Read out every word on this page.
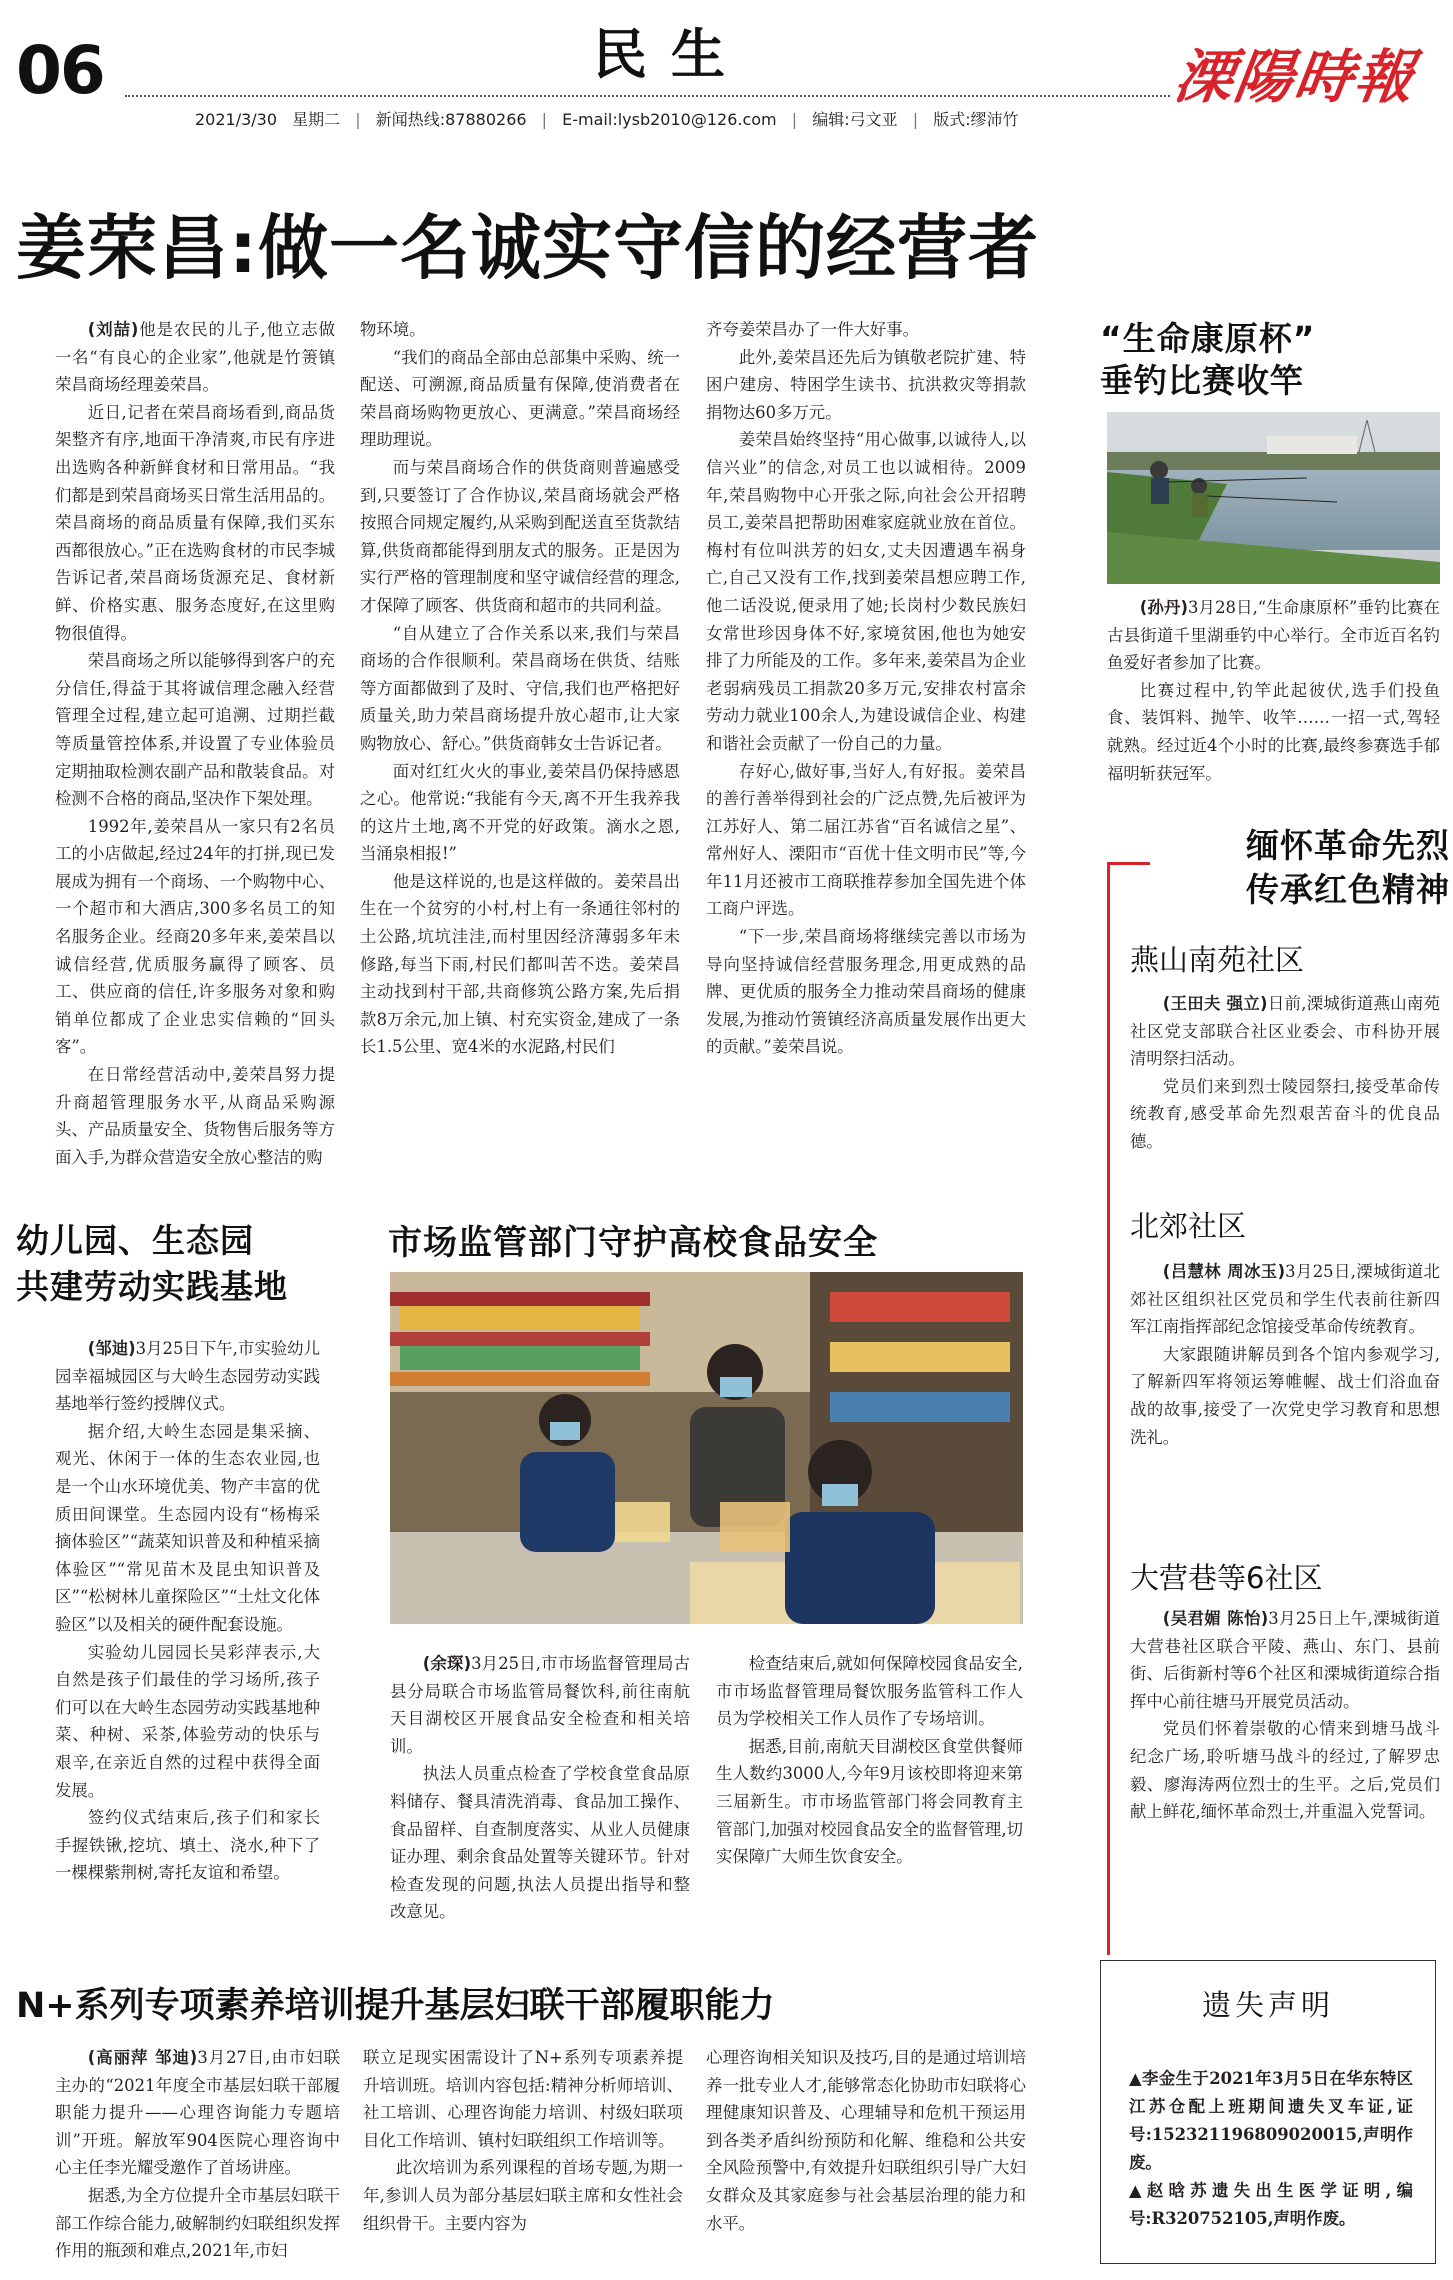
06	民生
2021/3/30 星期二 | 新闻热线:87880266 | E-mail:lysb2010@126.com | 编辑:弓文亚 | 版式:缪沛竹
溧陽時報
姜荣昌:做一名诚实守信的经营者

(刘喆)他是农民的儿子,他立志做一名“有良心的企业家”,他就是竹箦镇荣昌商场经理姜荣昌。

近日,记者在荣昌商场看到,商品货架整齐有序,地面干净清爽,市民有序进出选购各种新鲜食材和日常用品。“我们都是到荣昌商场买日常生活用品的。荣昌商场的商品质量有保障,我们买东西都很放心。”正在选购食材的市民李城告诉记者,荣昌商场货源充足、食材新鲜、价格实惠、服务态度好,在这里购物很值得。

荣昌商场之所以能够得到客户的充分信任,得益于其将诚信理念融入经营管理全过程,建立起可追溯、过期拦截等质量管控体系,并设置了专业体验员定期抽取检测农副产品和散装食品。对检测不合格的商品,坚决作下架处理。

1992年,姜荣昌从一家只有2名员工的小店做起,经过24年的打拼,现已发展成为拥有一个商场、一个购物中心、一个超市和大酒店,300多名员工的知名服务企业。经商20多年来,姜荣昌以诚信经营,优质服务赢得了顾客、员工、供应商的信任,许多服务对象和购销单位都成了企业忠实信赖的“回头客”。

在日常经营活动中,姜荣昌努力提升商超管理服务水平,从商品采购源头、产品质量安全、货物售后服务等方面入手,为群众营造安全放心整洁的购

物环境。

“我们的商品全部由总部集中采购、统一配送、可溯源,商品质量有保障,使消费者在荣昌商场购物更放心、更满意。”荣昌商场经理助理说。

而与荣昌商场合作的供货商则普遍感受到,只要签订了合作协议,荣昌商场就会严格按照合同规定履约,从采购到配送直至货款结算,供货商都能得到朋友式的服务。正是因为实行严格的管理制度和坚守诚信经营的理念,才保障了顾客、供货商和超市的共同利益。

“自从建立了合作关系以来,我们与荣昌商场的合作很顺利。荣昌商场在供货、结账等方面都做到了及时、守信,我们也严格把好质量关,助力荣昌商场提升放心超市,让大家购物放心、舒心。”供货商韩女士告诉记者。

面对红红火火的事业,姜荣昌仍保持感恩之心。他常说:“我能有今天,离不开生我养我的这片土地,离不开党的好政策。滴水之恩,当涌泉相报!”

他是这样说的,也是这样做的。姜荣昌出生在一个贫穷的小村,村上有一条通往邻村的土公路,坑坑洼洼,而村里因经济薄弱多年未修路,每当下雨,村民们都叫苦不迭。姜荣昌主动找到村干部,共商修筑公路方案,先后捐款8万余元,加上镇、村充实资金,建成了一条长1.5公里、宽4米的水泥路,村民们

齐夸姜荣昌办了一件大好事。

此外,姜荣昌还先后为镇敬老院扩建、特困户建房、特困学生读书、抗洪救灾等捐款捐物达60多万元。

姜荣昌始终坚持“用心做事,以诚待人,以信兴业”的信念,对员工也以诚相待。2009年,荣昌购物中心开张之际,向社会公开招聘员工,姜荣昌把帮助困难家庭就业放在首位。梅村有位叫洪芳的妇女,丈夫因遭遇车祸身亡,自己又没有工作,找到姜荣昌想应聘工作,他二话没说,便录用了她;长岗村少数民族妇女常世珍因身体不好,家境贫困,他也为她安排了力所能及的工作。多年来,姜荣昌为企业老弱病残员工捐款20多万元,安排农村富余劳动力就业100余人,为建设诚信企业、构建和谐社会贡献了一份自己的力量。

存好心,做好事,当好人,有好报。姜荣昌的善行善举得到社会的广泛点赞,先后被评为江苏好人、第二届江苏省“百名诚信之星”、常州好人、溧阳市“百优十佳文明市民”等,今年11月还被市工商联推荐参加全国先进个体工商户评选。

“下一步,荣昌商场将继续完善以市场为导向坚持诚信经营服务理念,用更成熟的品牌、更优质的服务全力推动荣昌商场的健康发展,为推动竹箦镇经济高质量发展作出更大的贡献。”姜荣昌说。

“生命康原杯”
垂钓比赛收竿

(孙丹)3月28日,“生命康原杯”垂钓比赛在古县街道千里湖垂钓中心举行。全市近百名钓鱼爱好者参加了比赛。

比赛过程中,钓竿此起彼伏,选手们投鱼食、装饵料、抛竿、收竿……一招一式,驾轻就熟。经过近4个小时的比赛,最终参赛选手郁福明斩获冠军。

缅怀革命先烈
传承红色精神
燕山南苑社区

(王田夫 强立)日前,溧城街道燕山南苑社区党支部联合社区业委会、市科协开展清明祭扫活动。

党员们来到烈士陵园祭扫,接受革命传统教育,感受革命先烈艰苦奋斗的优良品德。

北郊社区

(吕慧林 周冰玉)3月25日,溧城街道北郊社区组织社区党员和学生代表前往新四军江南指挥部纪念馆接受革命传统教育。

大家跟随讲解员到各个馆内参观学习,了解新四军将领运筹帷幄、战士们浴血奋战的故事,接受了一次党史学习教育和思想洗礼。

大营巷等6社区

(吴君媚 陈怡)3月25日上午,溧城街道大营巷社区联合平陵、燕山、东门、县前街、后街新村等6个社区和溧城街道综合指挥中心前往塘马开展党员活动。

党员们怀着崇敬的心情来到塘马战斗纪念广场,聆听塘马战斗的经过,了解罗忠毅、廖海涛两位烈士的生平。之后,党员们献上鲜花,缅怀革命烈士,并重温入党誓词。

幼儿园、生态园
共建劳动实践基地

(邹迪)3月25日下午,市实验幼儿园幸福城园区与大岭生态园劳动实践基地举行签约授牌仪式。

据介绍,大岭生态园是集采摘、观光、休闲于一体的生态农业园,也是一个山水环境优美、物产丰富的优质田间课堂。生态园内设有“杨梅采摘体验区”“蔬菜知识普及和种植采摘体验区”“常见苗木及昆虫知识普及区”“松树林儿童探险区”“土灶文化体验区”以及相关的硬件配套设施。

实验幼儿园园长吴彩萍表示,大自然是孩子们最佳的学习场所,孩子们可以在大岭生态园劳动实践基地种菜、种树、采茶,体验劳动的快乐与艰辛,在亲近自然的过程中获得全面发展。

签约仪式结束后,孩子们和家长手握铁锹,挖坑、填土、浇水,种下了一棵棵紫荆树,寄托友谊和希望。

市场监管部门守护高校食品安全

(余琛)3月25日,市市场监督管理局古县分局联合市场监管局餐饮科,前往南航天目湖校区开展食品安全检查和相关培训。

执法人员重点检查了学校食堂食品原料储存、餐具清洗消毒、食品加工操作、食品留样、自查制度落实、从业人员健康证办理、剩余食品处置等关键环节。针对检查发现的问题,执法人员提出指导和整改意见。

检查结束后,就如何保障校园食品安全,市市场监督管理局餐饮服务监管科工作人员为学校相关工作人员作了专场培训。

据悉,目前,南航天目湖校区食堂供餐师生人数约3000人,今年9月该校即将迎来第三届新生。市市场监管部门将会同教育主管部门,加强对校园食品安全的监督管理,切实保障广大师生饮食安全。

N+系列专项素养培训提升基层妇联干部履职能力

(高丽萍 邹迪)3月27日,由市妇联主办的“2021年度全市基层妇联干部履职能力提升——心理咨询能力专题培训”开班。解放军904医院心理咨询中心主任李光耀受邀作了首场讲座。

据悉,为全方位提升全市基层妇联干部工作综合能力,破解制约妇联组织发挥作用的瓶颈和难点,2021年,市妇

联立足现实困需设计了N+系列专项素养提升培训班。培训内容包括:精神分析师培训、社工培训、心理咨询能力培训、村级妇联项目化工作培训、镇村妇联组织工作培训等。

此次培训为系列课程的首场专题,为期一年,参训人员为部分基层妇联主席和女性社会组织骨干。主要内容为

心理咨询相关知识及技巧,目的是通过培训培养一批专业人才,能够常态化协助市妇联将心理健康知识普及、心理辅导和危机干预运用到各类矛盾纠纷预防和化解、维稳和公共安全风险预警中,有效提升妇联组织引导广大妇女群众及其家庭参与社会基层治理的能力和水平。

遗失声明

▲李金生于2021年3月5日在华东特区江苏仓配上班期间遗失叉车证,证号:152321196809020015,声明作废。

▲赵晗苏遗失出生医学证明,编号:R320752105,声明作废。
